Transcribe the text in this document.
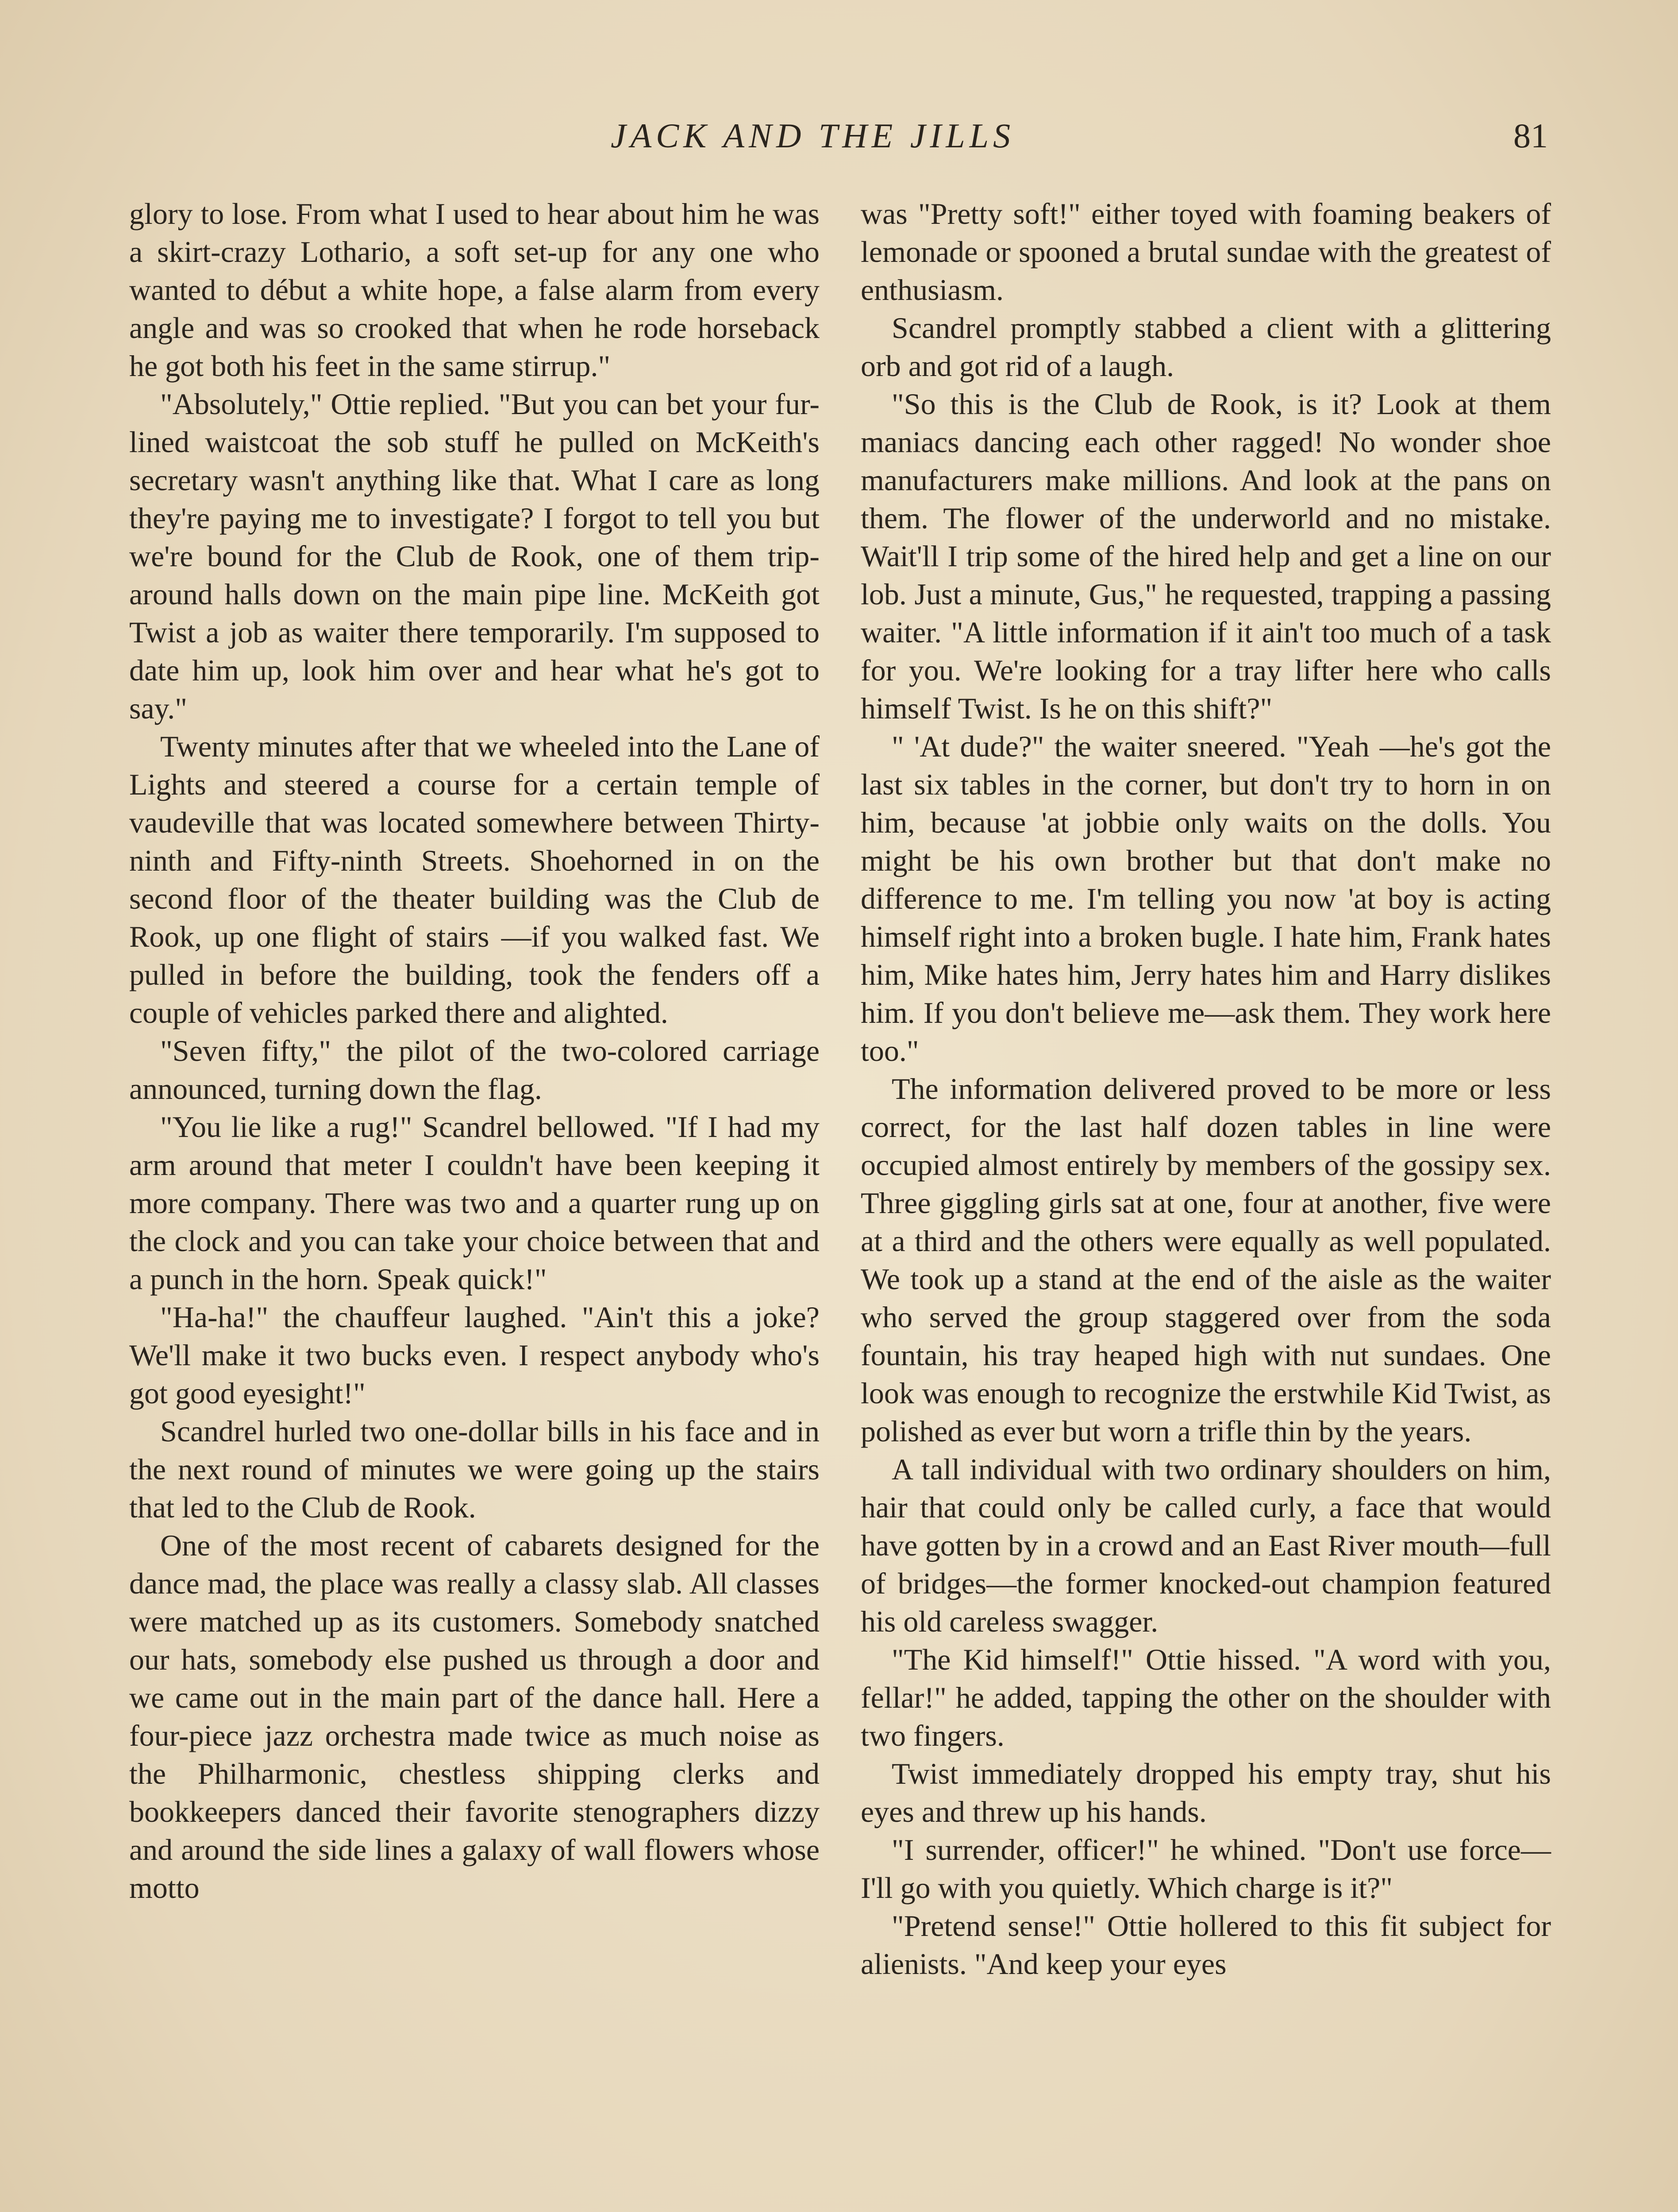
JACK AND THE JILLS	81

glory to lose. From what I used to hear about him he was a skirt-crazy Lothario, a soft set-up for any one who wanted to début a white hope, a false alarm from every angle and was so crooked that when he rode horseback he got both his feet in the same stirrup."

"Absolutely," Ottie replied. "But you can bet your fur-lined waistcoat the sob stuff he pulled on McKeith's secretary wasn't anything like that. What I care as long they're paying me to investigate? I forgot to tell you but we're bound for the Club de Rook, one of them trip-around halls down on the main pipe line. McKeith got Twist a job as waiter there temporarily. I'm supposed to date him up, look him over and hear what he's got to say."

Twenty minutes after that we wheeled into the Lane of Lights and steered a course for a certain temple of vaudeville that was located somewhere between Thirty-ninth and Fifty-ninth Streets. Shoehorned in on the second floor of the theater building was the Club de Rook, up one flight of stairs —if you walked fast. We pulled in before the building, took the fenders off a couple of vehicles parked there and alighted.

"Seven fifty," the pilot of the two-colored carriage announced, turning down the flag.

"You lie like a rug!" Scandrel bellowed. "If I had my arm around that meter I couldn't have been keeping it more company. There was two and a quarter rung up on the clock and you can take your choice between that and a punch in the horn. Speak quick!"

"Ha-ha!" the chauffeur laughed. "Ain't this a joke? We'll make it two bucks even. I respect anybody who's got good eyesight!"

Scandrel hurled two one-dollar bills in his face and in the next round of minutes we were going up the stairs that led to the Club de Rook.

One of the most recent of cabarets designed for the dance mad, the place was really a classy slab. All classes were matched up as its customers. Somebody snatched our hats, somebody else pushed us through a door and we came out in the main part of the dance hall. Here a four-piece jazz orchestra made twice as much noise as the Philharmonic, chestless shipping clerks and bookkeepers danced their favorite stenographers dizzy and around the side lines a galaxy of wall flowers whose motto

was "Pretty soft!" either toyed with foaming beakers of lemonade or spooned a brutal sundae with the greatest of enthusiasm.

Scandrel promptly stabbed a client with a glittering orb and got rid of a laugh.

"So this is the Club de Rook, is it? Look at them maniacs dancing each other ragged! No wonder shoe manufacturers make millions. And look at the pans on them. The flower of the underworld and no mistake. Wait'll I trip some of the hired help and get a line on our lob. Just a minute, Gus," he requested, trapping a passing waiter. "A little information if it ain't too much of a task for you. We're looking for a tray lifter here who calls himself Twist. Is he on this shift?"

" 'At dude?" the waiter sneered. "Yeah —he's got the last six tables in the corner, but don't try to horn in on him, because 'at jobbie only waits on the dolls. You might be his own brother but that don't make no difference to me. I'm telling you now 'at boy is acting himself right into a broken bugle. I hate him, Frank hates him, Mike hates him, Jerry hates him and Harry dislikes him. If you don't believe me—ask them. They work here too."

The information delivered proved to be more or less correct, for the last half dozen tables in line were occupied almost entirely by members of the gossipy sex. Three giggling girls sat at one, four at another, five were at a third and the others were equally as well populated. We took up a stand at the end of the aisle as the waiter who served the group staggered over from the soda fountain, his tray heaped high with nut sundaes. One look was enough to recognize the erstwhile Kid Twist, as polished as ever but worn a trifle thin by the years.

A tall individual with two ordinary shoulders on him, hair that could only be called curly, a face that would have gotten by in a crowd and an East River mouth—full of bridges—the former knocked-out champion featured his old careless swagger.

"The Kid himself!" Ottie hissed. "A word with you, fellar!" he added, tapping the other on the shoulder with two fingers.

Twist immediately dropped his empty tray, shut his eyes and threw up his hands.

"I surrender, officer!" he whined. "Don't use force—I'll go with you quietly. Which charge is it?"

"Pretend sense!" Ottie hollered to this fit subject for alienists. "And keep your eyes
